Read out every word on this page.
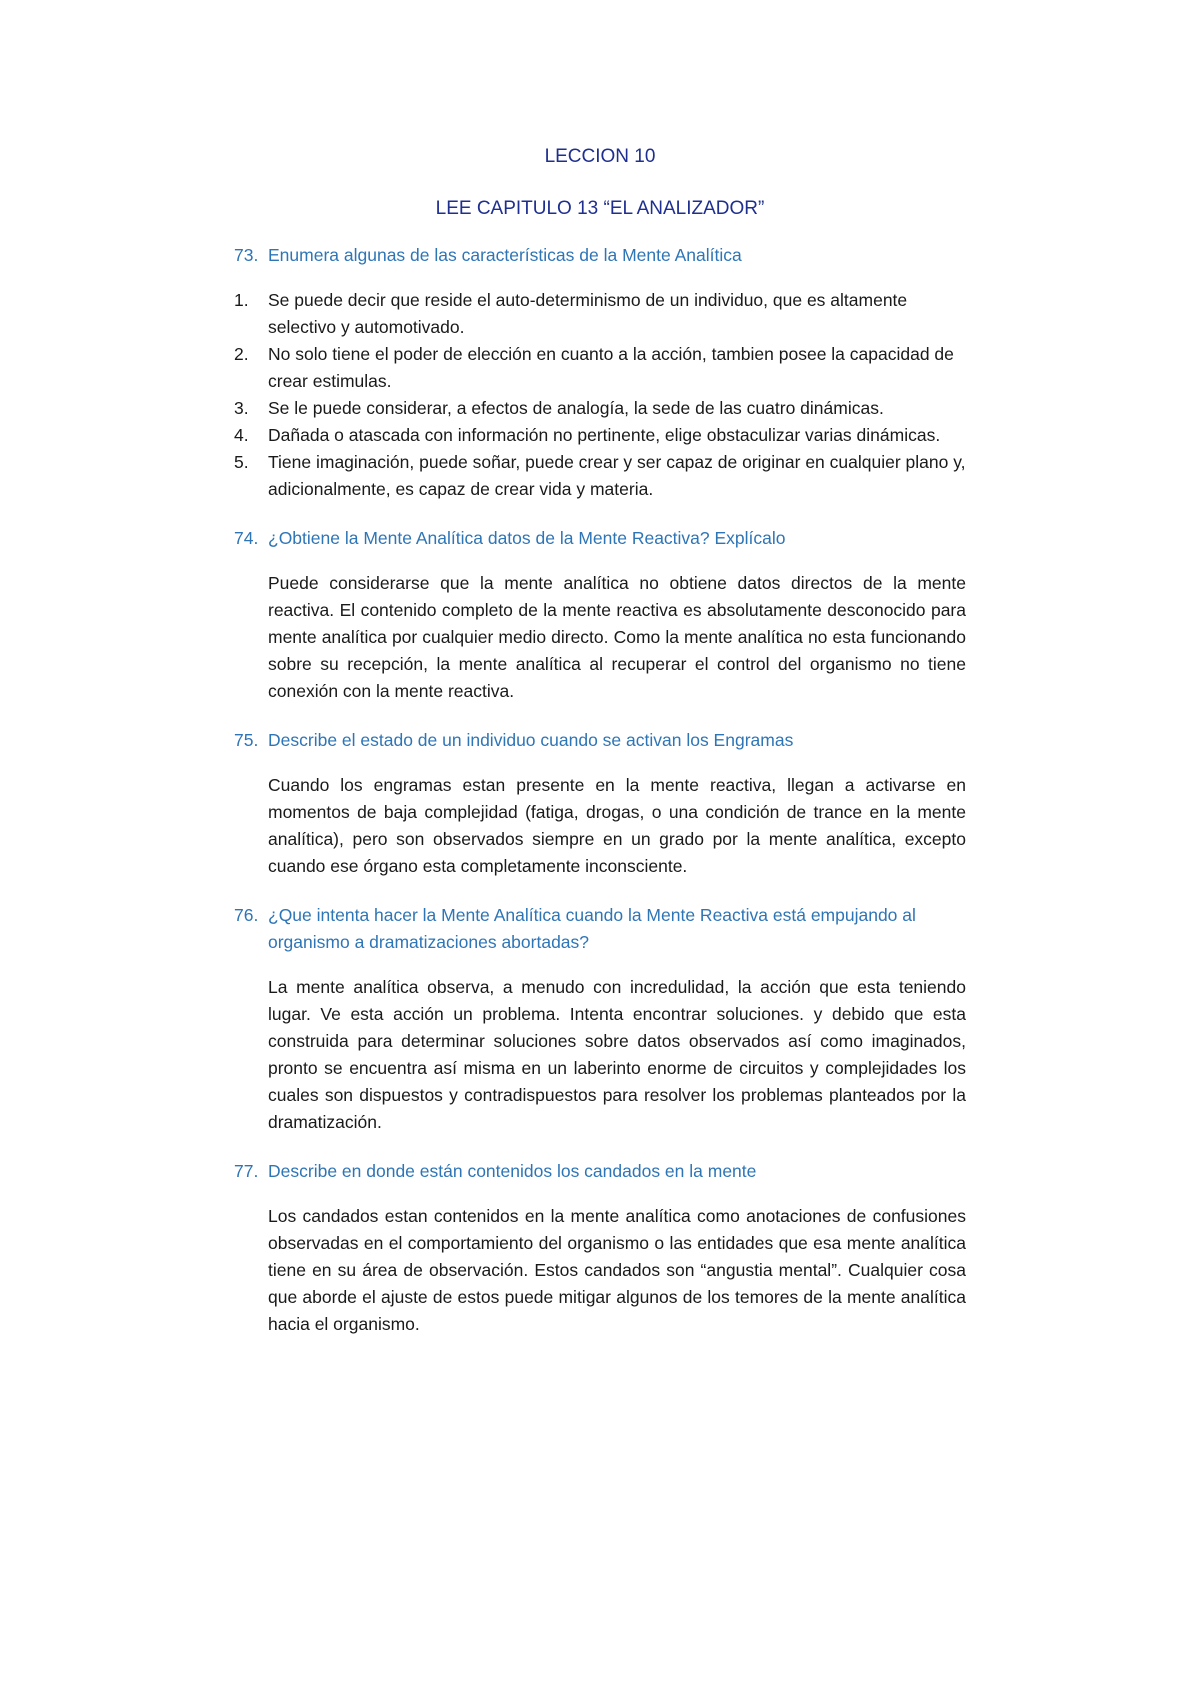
LECCION 10
LEE CAPITULO 13 “EL ANALIZADOR”

73. Enumera algunas de las características de la Mente Analítica

1.	Se puede decir que reside el auto-determinismo de un individuo, que es altamente selectivo y automotivado.
2.	No solo tiene el poder de elección en cuanto a la acción, tambien posee la capacidad de crear estimulas.
3.	Se le puede considerar, a efectos de analogía, la sede de las cuatro dinámicas.
4.	Dañada o atascada con información no pertinente, elige obstaculizar varias dinámicas.
5.	Tiene imaginación, puede soñar, puede crear y ser capaz de originar en cualquier plano y, adicionalmente, es capaz de crear vida y materia.

74. ¿Obtiene la Mente Analítica datos de la Mente Reactiva? Explícalo

Puede considerarse que la mente analítica no obtiene datos directos de la mente reactiva. El contenido completo de la mente reactiva es absolutamente desconocido para mente analítica por cualquier medio directo. Como la mente analítica no esta funcionando sobre su recepción, la mente analítica al recuperar el control del organismo no tiene conexión con la mente reactiva.

75. Describe el estado de un individuo cuando se activan los Engramas

Cuando los engramas estan presente en la mente reactiva, llegan a activarse en momentos de baja complejidad (fatiga, drogas, o una condición de trance en la mente analítica), pero son observados siempre en un grado por la mente analítica, excepto cuando ese órgano esta completamente inconsciente.

76. ¿Que intenta hacer la Mente Analítica cuando la Mente Reactiva está empujando al organismo a dramatizaciones abortadas?

La mente analítica observa, a menudo con incredulidad, la acción que esta teniendo lugar. Ve esta acción un problema. Intenta encontrar soluciones. y debido que esta construida para determinar soluciones sobre datos observados así como imaginados, pronto se encuentra así misma en un laberinto enorme de circuitos y complejidades los cuales son dispuestos y contradispuestos para resolver los problemas planteados por la dramatización.

77. Describe en donde están contenidos los candados en la mente

Los candados estan contenidos en la mente analítica como anotaciones de confusiones observadas en el comportamiento del organismo o las entidades que esa mente analítica tiene en su área de observación. Estos candados son “angustia mental”. Cualquier cosa que aborde el ajuste de estos puede mitigar algunos de los temores de la mente analítica hacia el organismo.
